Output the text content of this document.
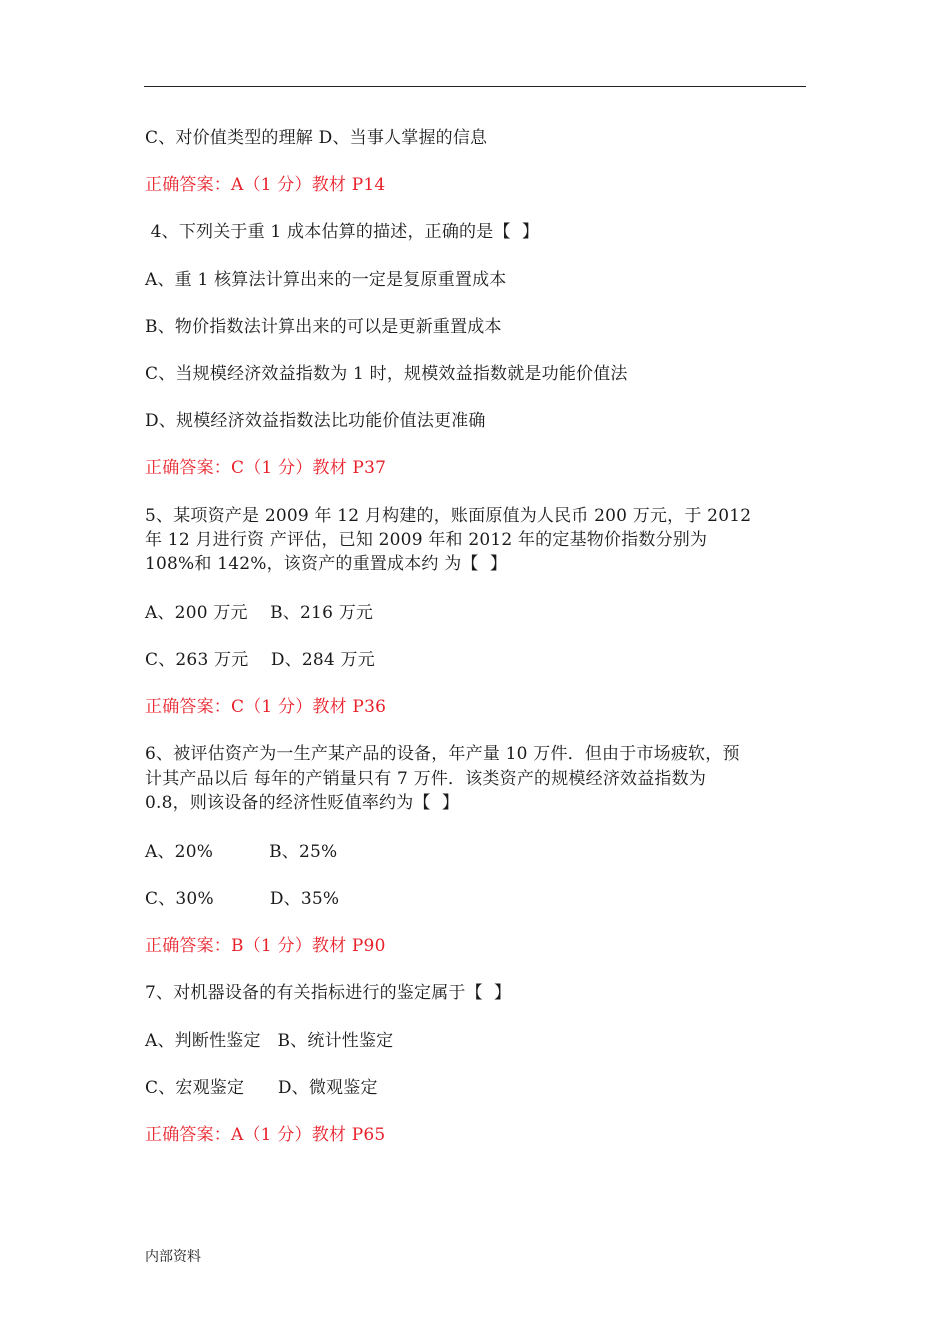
C、对价值类型的理解 D、当事人掌握的信息
正确答案：A（1 分）教材 P14
4、下列关于重 1 成本估算的描述，正确的是【  】
A、重 1 核算法计算出来的一定是复原重置成本
B、物价指数法计算出来的可以是更新重置成本
C、当规模经济效益指数为 1 时，规模效益指数就是功能价值法
D、规模经济效益指数法比功能价值法更准确
正确答案：C（1 分）教材 P37
5、某项资产是 2009 年 12 月构建的，账面原值为人民币 200 万元，于 2012
年 12 月进行资 产评估，已知 2009 年和 2012 年的定基物价指数分别为
108%和 142%，该资产的重置成本约 为【  】
A、200 万元    B、216 万元
C、263 万元    D、284 万元
正确答案：C（1 分）教材 P36
6、被评估资产为一生产某产品的设备，年产量 10 万件．但由于市场疲软，预
计其产品以后 每年的产销量只有 7 万件．该类资产的规模经济效益指数为
0.8，则该设备的经济性贬值率约为【  】
A、20%          B、25%
C、30%          D、35%
正确答案：B（1 分）教材 P90
7、对机器设备的有关指标进行的鉴定属于【  】
A、判断性鉴定   B、统计性鉴定
C、宏观鉴定      D、微观鉴定
正确答案：A（1 分）教材 P65
内部资料
